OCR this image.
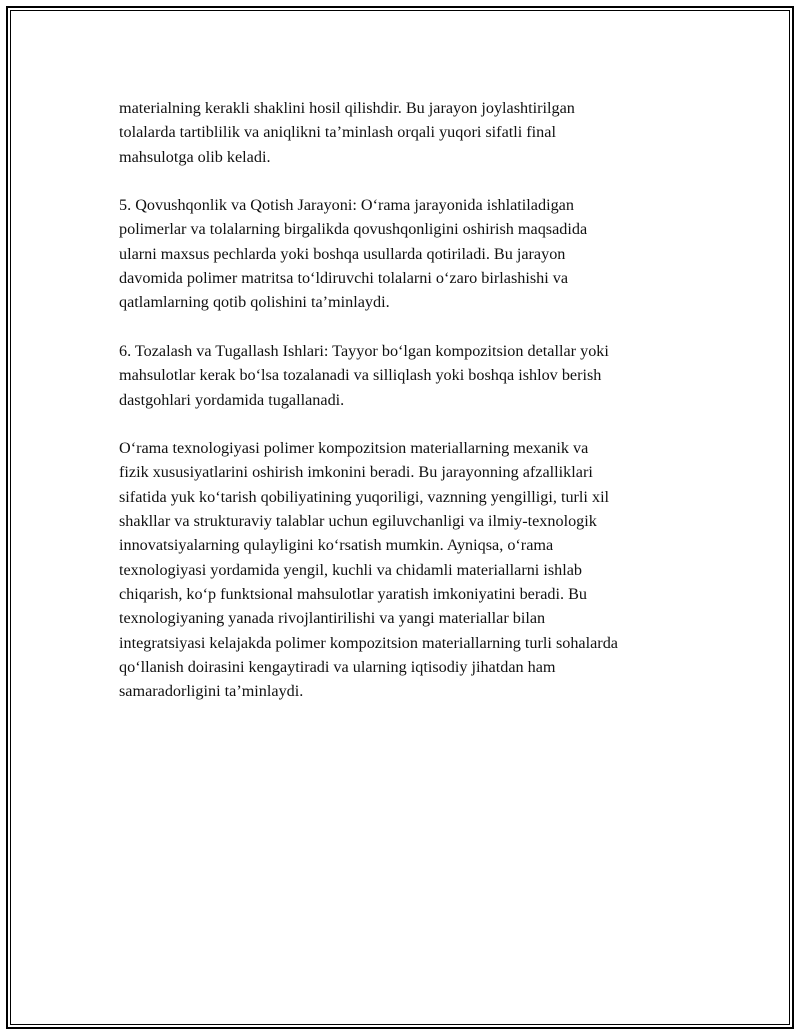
materialning kerakli shaklini hosil qilishdir. Bu jarayon joylashtirilgan
tolalarda tartiblilik va aniqlikni ta’minlash orqali yuqori sifatli final
mahsulotga olib keladi.

5. Qovushqonlik va Qotish Jarayoni: O‘rama jarayonida ishlatiladigan
polimerlar va tolalarning birgalikda qovushqonligini oshirish maqsadida
ularni maxsus pechlarda yoki boshqa usullarda qotiriladi. Bu jarayon
davomida polimer matritsa to‘ldiruvchi tolalarni o‘zaro birlashishi va
qatlamlarning qotib qolishini ta’minlaydi.

6. Tozalash va Tugallash Ishlari: Tayyor bo‘lgan kompozitsion detallar yoki
mahsulotlar kerak bo‘lsa tozalanadi va silliqlash yoki boshqa ishlov berish
dastgohlari yordamida tugallanadi.

O‘rama texnologiyasi polimer kompozitsion materiallarning mexanik va
fizik xususiyatlarini oshirish imkonini beradi. Bu jarayonning afzalliklari
sifatida yuk ko‘tarish qobiliyatining yuqoriligi, vaznning yengilligi, turli xil
shakllar va strukturaviy talablar uchun egiluvchanligi va ilmiy-texnologik
innovatsiyalarning qulayligini ko‘rsatish mumkin. Ayniqsa, o‘rama
texnologiyasi yordamida yengil, kuchli va chidamli materiallarni ishlab
chiqarish, ko‘p funktsional mahsulotlar yaratish imkoniyatini beradi. Bu
texnologiyaning yanada rivojlantirilishi va yangi materiallar bilan
integratsiyasi kelajakda polimer kompozitsion materiallarning turli sohalarda
qo‘llanish doirasini kengaytiradi va ularning iqtisodiy jihatdan ham
samaradorligini ta’minlaydi.
